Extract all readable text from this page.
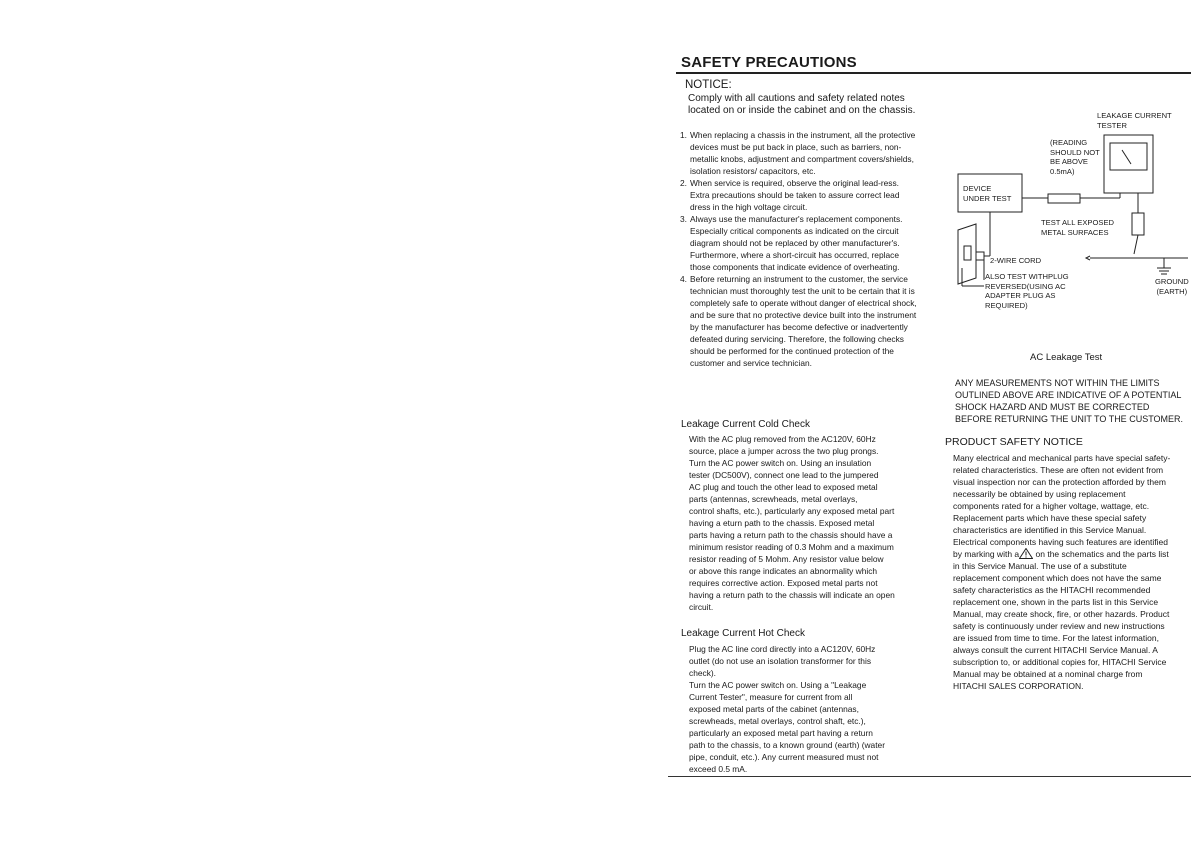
SAFETY PRECAUTIONS
NOTICE:
Comply with all cautions and safety related notes located on or inside the cabinet and on the chassis.
1. When replacing a chassis in the instrument, all the protective devices must be put back in place, such as barriers, non-metallic knobs, adjustment and compartment covers/shields, isolation resistors/ capacitors, etc.
2. When service is required, observe the original lead-ress. Extra precautions should be taken to assure correct lead dress in the high voltage circuit.
3. Always use the manufacturer's replacement components. Especially critical components as indicated on the circuit diagram should not be replaced by other manufacturer's. Furthermore, where a short-circuit has occurred, replace those components that indicate evidence of overheating.
4. Before returning an instrument to the customer, the service technician must thoroughly test the unit to be certain that it is completely safe to operate without danger of electrical shock, and be sure that no protective device built into the instrument by the manufacturer has become defective or inadvertently defeated during servicing. Therefore, the following checks should be performed for the continued protection of the customer and service technician.
Leakage Current Cold Check
With the AC plug removed from the AC120V, 60Hz
source, place a jumper across the two plug prongs.
Turn the AC power switch on. Using an insulation
tester (DC500V), connect one lead to the jumpered
AC plug and touch the other lead to exposed metal
parts (antennas, screwheads, metal overlays,
control shafts, etc.), particularly any exposed metal part
having a eturn path to the chassis. Exposed metal
parts having a return path to the chassis should have a
minimum resistor reading of 0.3 Mohm and a maximum
resistor reading of 5 Mohm. Any resistor value below
or above this range indicates an abnormality which
requires corrective action. Exposed metal parts not
having a return path to the chassis will indicate an open
circuit.
Leakage Current Hot Check
Plug the AC line cord directly into a AC120V, 60Hz
outlet (do not use an isolation transformer for this
check).
Turn the AC power switch on. Using a "Leakage
Current Tester", measure for current from all
exposed metal parts of the cabinet (antennas,
screwheads, metal overlays, control shaft, etc.),
particularly an exposed metal part having a return
path to the chassis, to a known ground (earth) (water
pipe, conduit, etc.). Any current measured must not
exceed 0.5 mA.
LEAKAGE CURRENT
TESTER
(READING
SHOULD NOT
BE ABOVE
0.5mA)
DEVICE
UNDER TEST
TEST ALL EXPOSED
METAL SURFACES
2-WIRE CORD
ALSO TEST WITHPLUG
REVERSED(USING AC
ADAPTER PLUG AS
REQUIRED)
GROUND
(EARTH)
AC Leakage Test
ANY MEASUREMENTS NOT WITHIN THE LIMITS
OUTLINED ABOVE ARE INDICATIVE OF A POTENTIAL
SHOCK HAZARD AND MUST BE CORRECTED
BEFORE RETURNING THE UNIT TO THE CUSTOMER.
PRODUCT SAFETY NOTICE
Many electrical and mechanical parts have special safety-
related characteristics. These are often not evident from
visual inspection nor can the protection afforded by them
necessarily be obtained by using replacement
components rated for a higher voltage, wattage, etc.
Replacement parts which have these special safety
characteristics are identified in this Service Manual.
Electrical components having such features are identified
by marking with a on the schematics and the parts list
in this Service Manual. The use of a substitute
replacement component which does not have the same
safety characteristics as the HITACHI recommended
replacement one, shown in the parts list in this Service
Manual, may create shock, fire, or other hazards. Product
safety is continuously under review and new instructions
are issued from time to time. For the latest information,
always consult the current HITACHI Service Manual. A
subscription to, or additional copies for, HITACHI Service
Manual may be obtained at a nominal charge from
HITACHI SALES CORPORATION.
